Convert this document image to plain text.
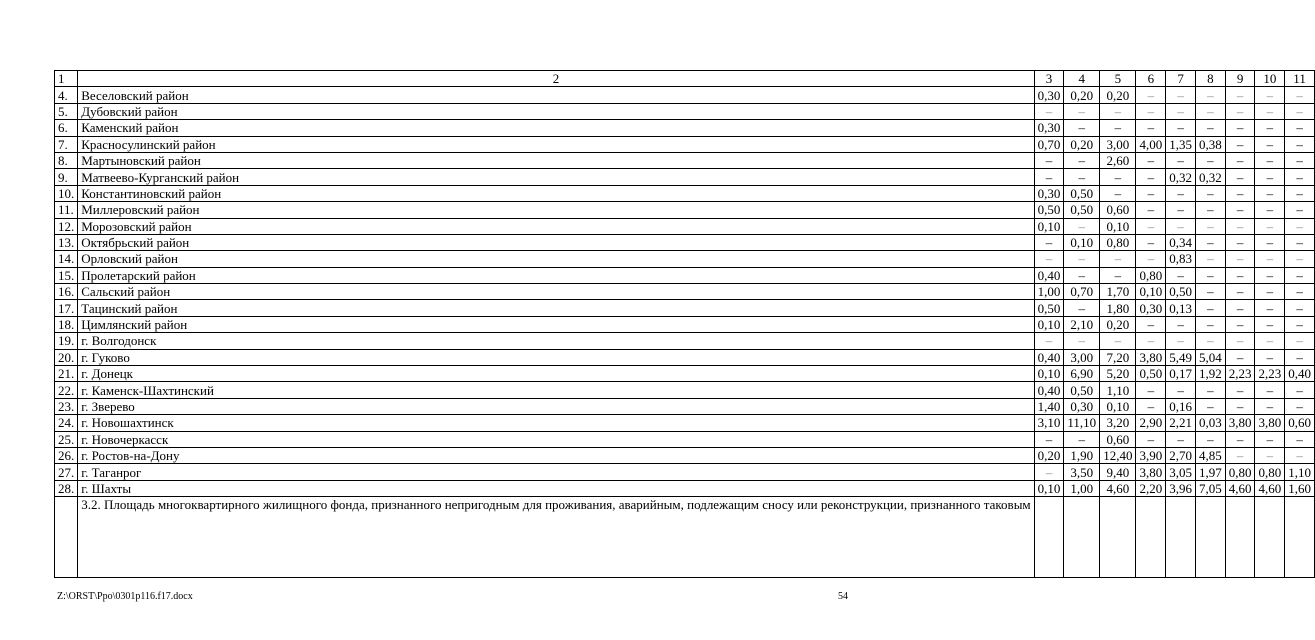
1	2	3	4	5	6	7	8	9	10	11
4.	Веселовский район	0,30	0,20	0,20	–	–	–	–	–	–
5.	Дубовский район	–	–	–	–	–	–	–	–	–
6.	Каменский район	0,30	–	–	–	–	–	–	–	–
7.	Красносулинский район	0,70	0,20	3,00	4,00	1,35	0,38	–	–	–
8.	Мартыновский район	–	–	2,60	–	–	–	–	–	–
9.	Матвеево-Курганский район	–	–	–	–	0,32	0,32	–	–	–
10.	Константиновский район	0,30	0,50	–	–	–	–	–	–	–
11.	Миллеровский район	0,50	0,50	0,60	–	–	–	–	–	–
12.	Морозовский район	0,10	–	0,10	–	–	–	–	–	–
13.	Октябрьский район	–	0,10	0,80	–	0,34	–	–	–	–
14.	Орловский район	–	–	–	–	0,83	–	–	–	–
15.	Пролетарский район	0,40	–	–	0,80	–	–	–	–	–
16.	Сальский район	1,00	0,70	1,70	0,10	0,50	–	–	–	–
17.	Тацинский район	0,50	–	1,80	0,30	0,13	–	–	–	–
18.	Цимлянский район	0,10	2,10	0,20	–	–	–	–	–	–
19.	г. Волгодонск	–	–	–	–	–	–	–	–	–
20.	г. Гуково	0,40	3,00	7,20	3,80	5,49	5,04	–	–	–
21.	г. Донецк	0,10	6,90	5,20	0,50	0,17	1,92	2,23	2,23	0,40
22.	г. Каменск-Шахтинский	0,40	0,50	1,10	–	–	–	–	–	–
23.	г. Зверево	1,40	0,30	0,10	–	0,16	–	–	–	–
24.	г. Новошахтинск	3,10	11,10	3,20	2,90	2,21	0,03	3,80	3,80	0,60
25.	г. Новочеркасск	–	–	0,60	–	–	–	–	–	–
26.	г. Ростов-на-Дону	0,20	1,90	12,40	3,90	2,70	4,85	–	–	–
27.	г. Таганрог	–	3,50	9,40	3,80	3,05	1,97	0,80	0,80	1,10
28.	г. Шахты	0,10	1,00	4,60	2,20	3,96	7,05	4,60	4,60	1,60
	3.2. Площадь многоквартирного жилищного фонда, признанного непригодным для проживания, аварийным, подлежащим сносу или реконструкции, признанного таковым									
Z:\ORST\Ppo\0301p116.f17.docx	54
